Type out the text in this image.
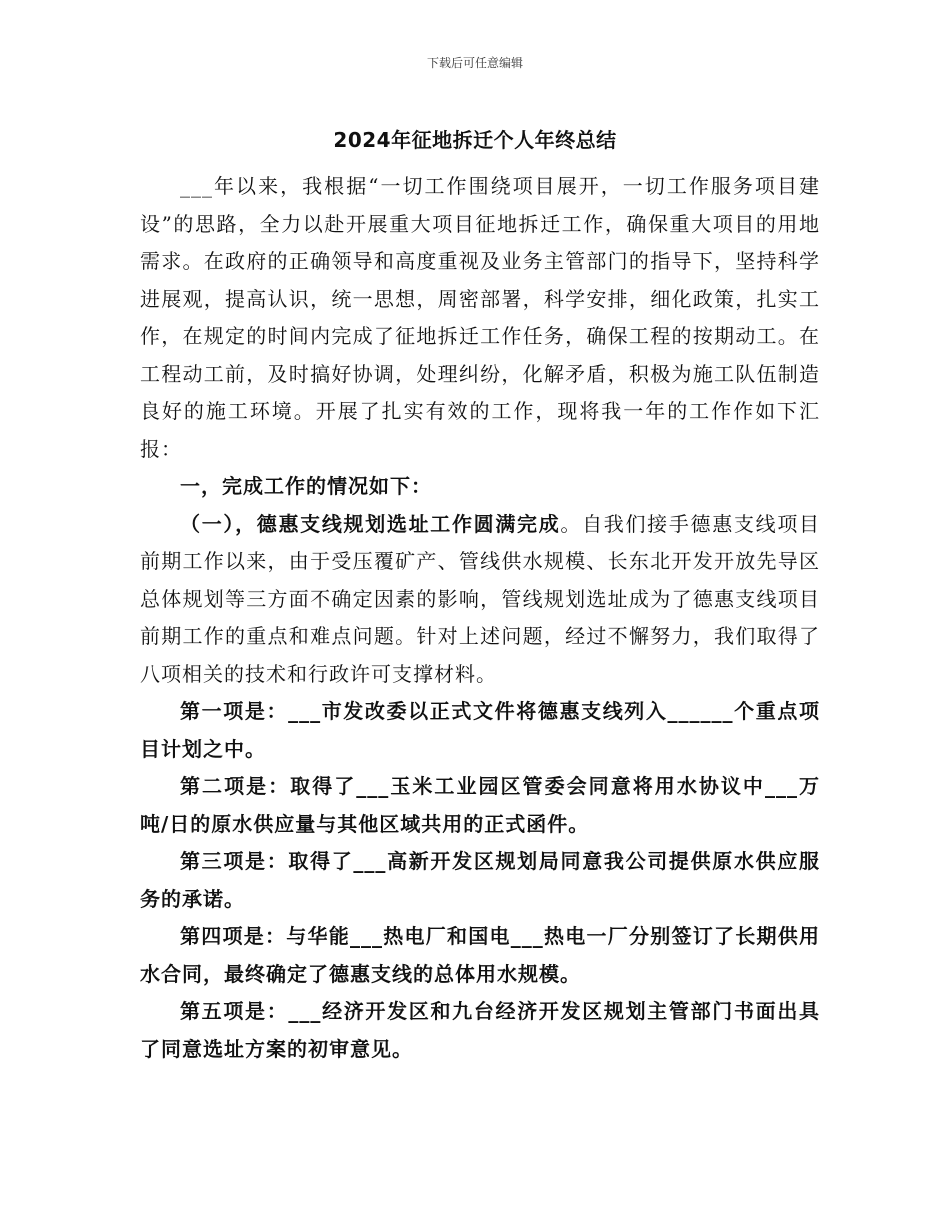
下载后可任意编辑
2024年征地拆迁个人年终总结

___年以来，我根据“一切工作围绕项目展开，一切工作服务项目建设”的思路，全力以赴开展重大项目征地拆迁工作，确保重大项目的用地需求。在政府的正确领导和高度重视及业务主管部门的指导下，坚持科学进展观，提高认识，统一思想，周密部署，科学安排，细化政策，扎实工作，在规定的时间内完成了征地拆迁工作任务，确保工程的按期动工。在工程动工前，及时搞好协调，处理纠纷，化解矛盾，积极为施工队伍制造良好的施工环境。开展了扎实有效的工作，现将我一年的工作作如下汇报：

一，完成工作的情况如下：

（一），德惠支线规划选址工作圆满完成。自我们接手德惠支线项目前期工作以来，由于受压覆矿产、管线供水规模、长东北开发开放先导区总体规划等三方面不确定因素的影响，管线规划选址成为了德惠支线项目前期工作的重点和难点问题。针对上述问题，经过不懈努力，我们取得了八项相关的技术和行政许可支撑材料。

第一项是：___市发改委以正式文件将德惠支线列入______个重点项目计划之中。

第二项是：取得了___玉米工业园区管委会同意将用水协议中___万吨/日的原水供应量与其他区域共用的正式函件。

第三项是：取得了___高新开发区规划局同意我公司提供原水供应服务的承诺。

第四项是：与华能___热电厂和国电___热电一厂分别签订了长期供用水合同，最终确定了德惠支线的总体用水规模。

第五项是：___经济开发区和九台经济开发区规划主管部门书面出具了同意选址方案的初审意见。
